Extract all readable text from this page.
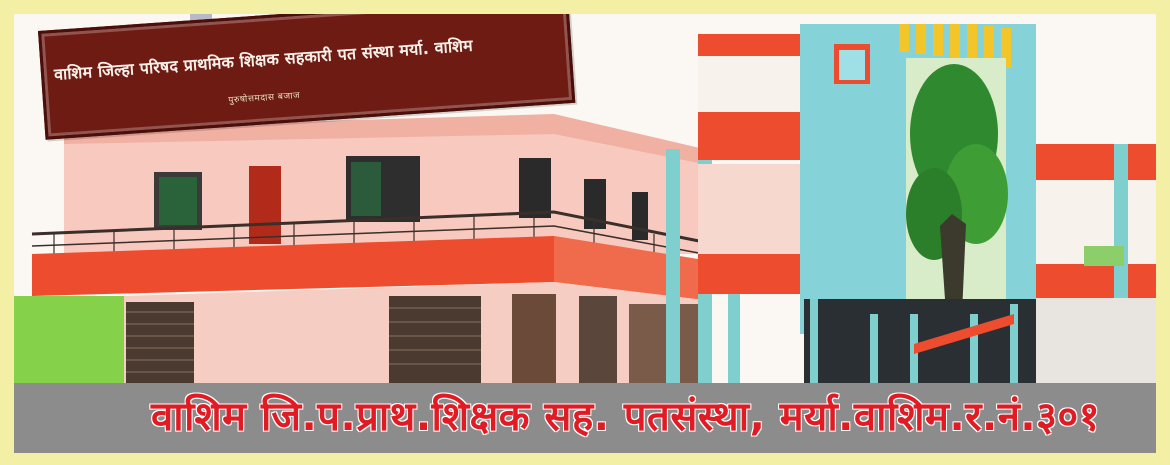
वाशिम जिल्हा परिषद प्राथमिक शिक्षक सहकारी पत संस्था मर्या. वाशिम
पुरुषोत्तमदास बजाज
वाशिम जि.प.प्राथ.शिक्षक सह. पतसंस्था, मर्या.वाशिम.र.नं.३०१
